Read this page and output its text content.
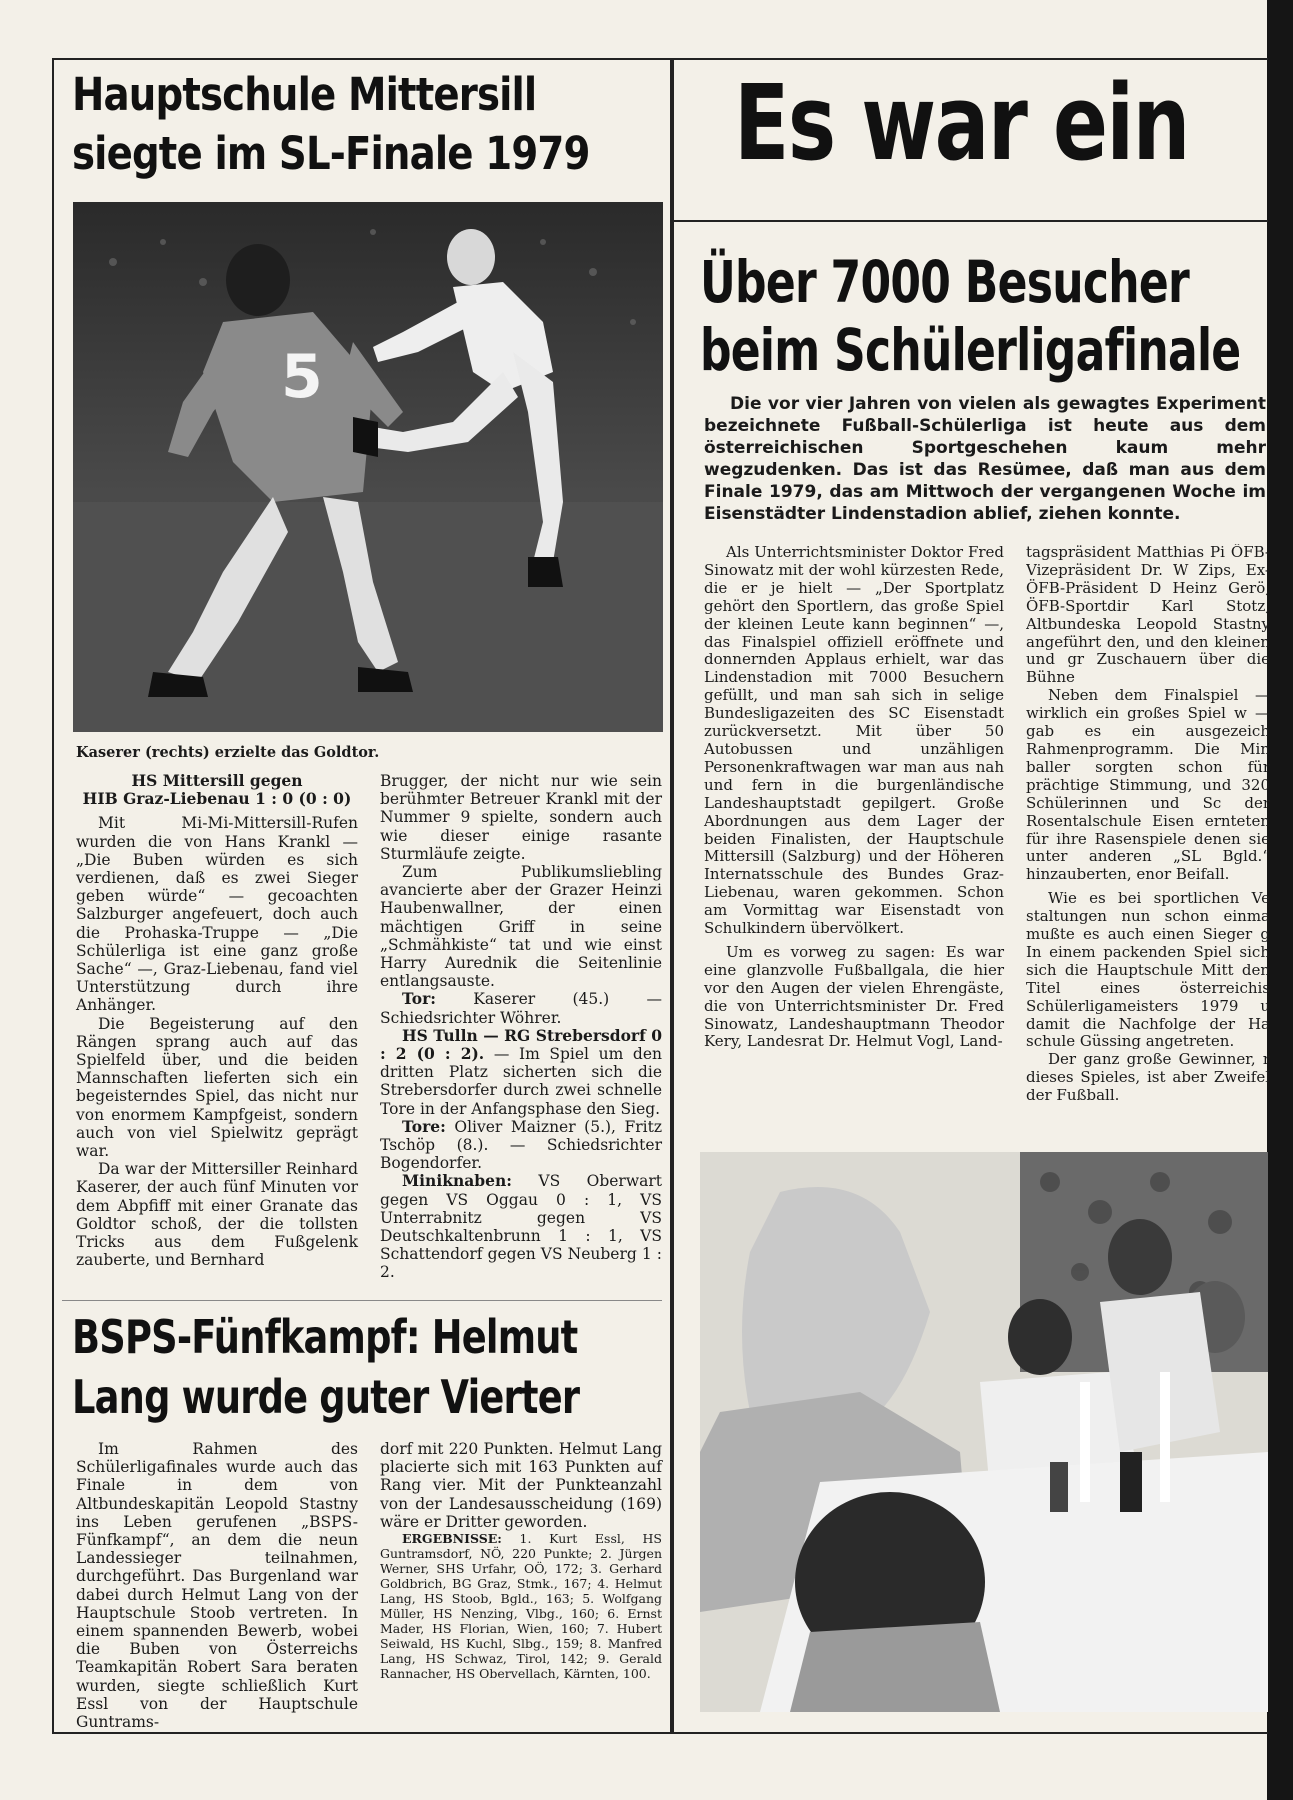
Hauptschule Mittersill
siegte im SL-Finale 1979
5
Kaserer (rechts) erzielte das Goldtor.

HS Mittersill gegen

HIB Graz-Liebenau 1 : 0 (0 : 0)

Mit Mi-Mi-Mittersill-Rufen wurden die von Hans Krankl — „Die Buben würden es sich verdienen, daß es zwei Sieger geben würde“ — gecoachten Salzburger angefeuert, doch auch die Prohaska-Truppe — „Die Schülerliga ist eine ganz große Sache“ —, Graz-Liebenau, fand viel Unterstützung durch ihre Anhänger.

Die Begeisterung auf den Rängen sprang auch auf das Spielfeld über, und die beiden Mannschaften lieferten sich ein begeisterndes Spiel, das nicht nur von enormem Kampfgeist, sondern auch von viel Spielwitz geprägt war.

Da war der Mittersiller Reinhard Kaserer, der auch fünf Minuten vor dem Abpfiff mit einer Granate das Goldtor schoß, der die tollsten Tricks aus dem Fußgelenk zauberte, und Bernhard

Brugger, der nicht nur wie sein berühmter Betreuer Krankl mit der Nummer 9 spielte, sondern auch wie dieser einige rasante Sturmläufe zeigte.

Zum Publikumsliebling avancierte aber der Grazer Heinzi Haubenwallner, der einen mächtigen Griff in seine „Schmähkiste“ tat und wie einst Harry Aurednik die Seitenlinie entlangsauste.

Tor: Kaserer (45.) — Schiedsrichter Wöhrer.

HS Tulln — RG Strebersdorf 0 : 2 (0 : 2). — Im Spiel um den dritten Platz sicherten sich die Strebersdorfer durch zwei schnelle Tore in der Anfangsphase den Sieg.

Tore: Oliver Maizner (5.), Fritz Tschöp (8.). — Schiedsrichter Bogendorfer.

Miniknaben: VS Oberwart gegen VS Oggau 0 : 1, VS Unterrabnitz gegen VS Deutschkaltenbrunn 1 : 1, VS Schattendorf gegen VS Neuberg 1 : 2.

BSPS-Fünfkampf: Helmut
Lang wurde guter Vierter

Im Rahmen des Schülerligafinales wurde auch das Finale in dem von Altbundeskapitän Leopold Stastny ins Leben gerufenen „BSPS-Fünfkampf“, an dem die neun Landessieger teilnahmen, durchgeführt. Das Burgenland war dabei durch Helmut Lang von der Hauptschule Stoob vertreten. In einem spannenden Bewerb, wobei die Buben von Österreichs Teamkapitän Robert Sara beraten wurden, siegte schließlich Kurt Essl von der Hauptschule Guntrams-

dorf mit 220 Punkten. Helmut Lang placierte sich mit 163 Punkten auf Rang vier. Mit der Punkteanzahl von der Landesausscheidung (169) wäre er Dritter geworden.

ERGEBNISSE: 1. Kurt Essl, HS Guntramsdorf, NÖ, 220 Punkte; 2. Jürgen Werner, SHS Urfahr, OÖ, 172; 3. Gerhard Goldbrich, BG Graz, Stmk., 167; 4. Helmut Lang, HS Stoob, Bgld., 163; 5. Wolfgang Müller, HS Nenzing, Vlbg., 160; 6. Ernst Mader, HS Florian, Wien, 160; 7. Hubert Seiwald, HS Kuchl, Slbg., 159; 8. Manfred Lang, HS Schwaz, Tirol, 142; 9. Gerald Rannacher, HS Obervellach, Kärnten, 100.

Es war ein
Über 7000 Besucher
beim Schülerligafinale
Die vor vier Jahren von vielen als gewagtes Experiment bezeichnete Fußball-Schülerliga ist heute aus dem österreichischen Sportgeschehen kaum mehr wegzudenken. Das ist das Resümee, daß man aus dem Finale 1979, das am Mittwoch der vergangenen Woche im Eisenstädter Lindenstadion ablief, ziehen konnte.

Als Unterrichtsminister Doktor Fred Sinowatz mit der wohl kürzesten Rede, die er je hielt — „Der Sportplatz gehört den Sportlern, das große Spiel der kleinen Leute kann beginnen“ —, das Finalspiel offiziell eröffnete und donnernden Applaus erhielt, war das Lindenstadion mit 7000 Besuchern gefüllt, und man sah sich in selige Bundesligazeiten des SC Eisenstadt zurückversetzt. Mit über 50 Autobussen und unzähligen Personenkraftwagen war man aus nah und fern in die burgenländische Landeshauptstadt gepilgert. Große Abordnungen aus dem Lager der beiden Finalisten, der Hauptschule Mittersill (Salzburg) und der Höheren Internatsschule des Bundes Graz-Liebenau, waren gekommen. Schon am Vormittag war Eisenstadt von Schulkindern übervölkert.

Um es vorweg zu sagen: Es war eine glanzvolle Fußballgala, die hier vor den Augen der vielen Ehrengäste, die von Unterrichtsminister Dr. Fred Sinowatz, Landeshauptmann Theodor Kery, Landesrat Dr. Helmut Vogl, Land-

tagspräsident Matthias Pi ÖFB-Vizepräsident Dr. W Zips, Ex-ÖFB-Präsident D Heinz Gerö, ÖFB-Sportdir Karl Stotz, Altbundeska Leopold Stastny angeführt den, und den kleinen und gr Zuschauern über die Bühne

Neben dem Finalspiel — wirklich ein großes Spiel w — gab es ein ausgezeich Rahmenprogramm. Die Min baller sorgten schon für prächtige Stimmung, und 320 Schülerinnen und Sc der Rosentalschule Eisen ernteten für ihre Rasenspiele denen sie unter anderen „SL Bgld.“ hinzauberten, enor Beifall.

Wie es bei sportlichen Ve staltungen nun schon einma mußte es auch einen Sieger g In einem packenden Spiel sich sich die Hauptschule Mitt den Titel eines österreichis Schülerligameisters 1979 u damit die Nachfolge der Ha schule Güssing angetreten.

Der ganz große Gewinner, r dieses Spieles, ist aber Zweifel der Fußball.
